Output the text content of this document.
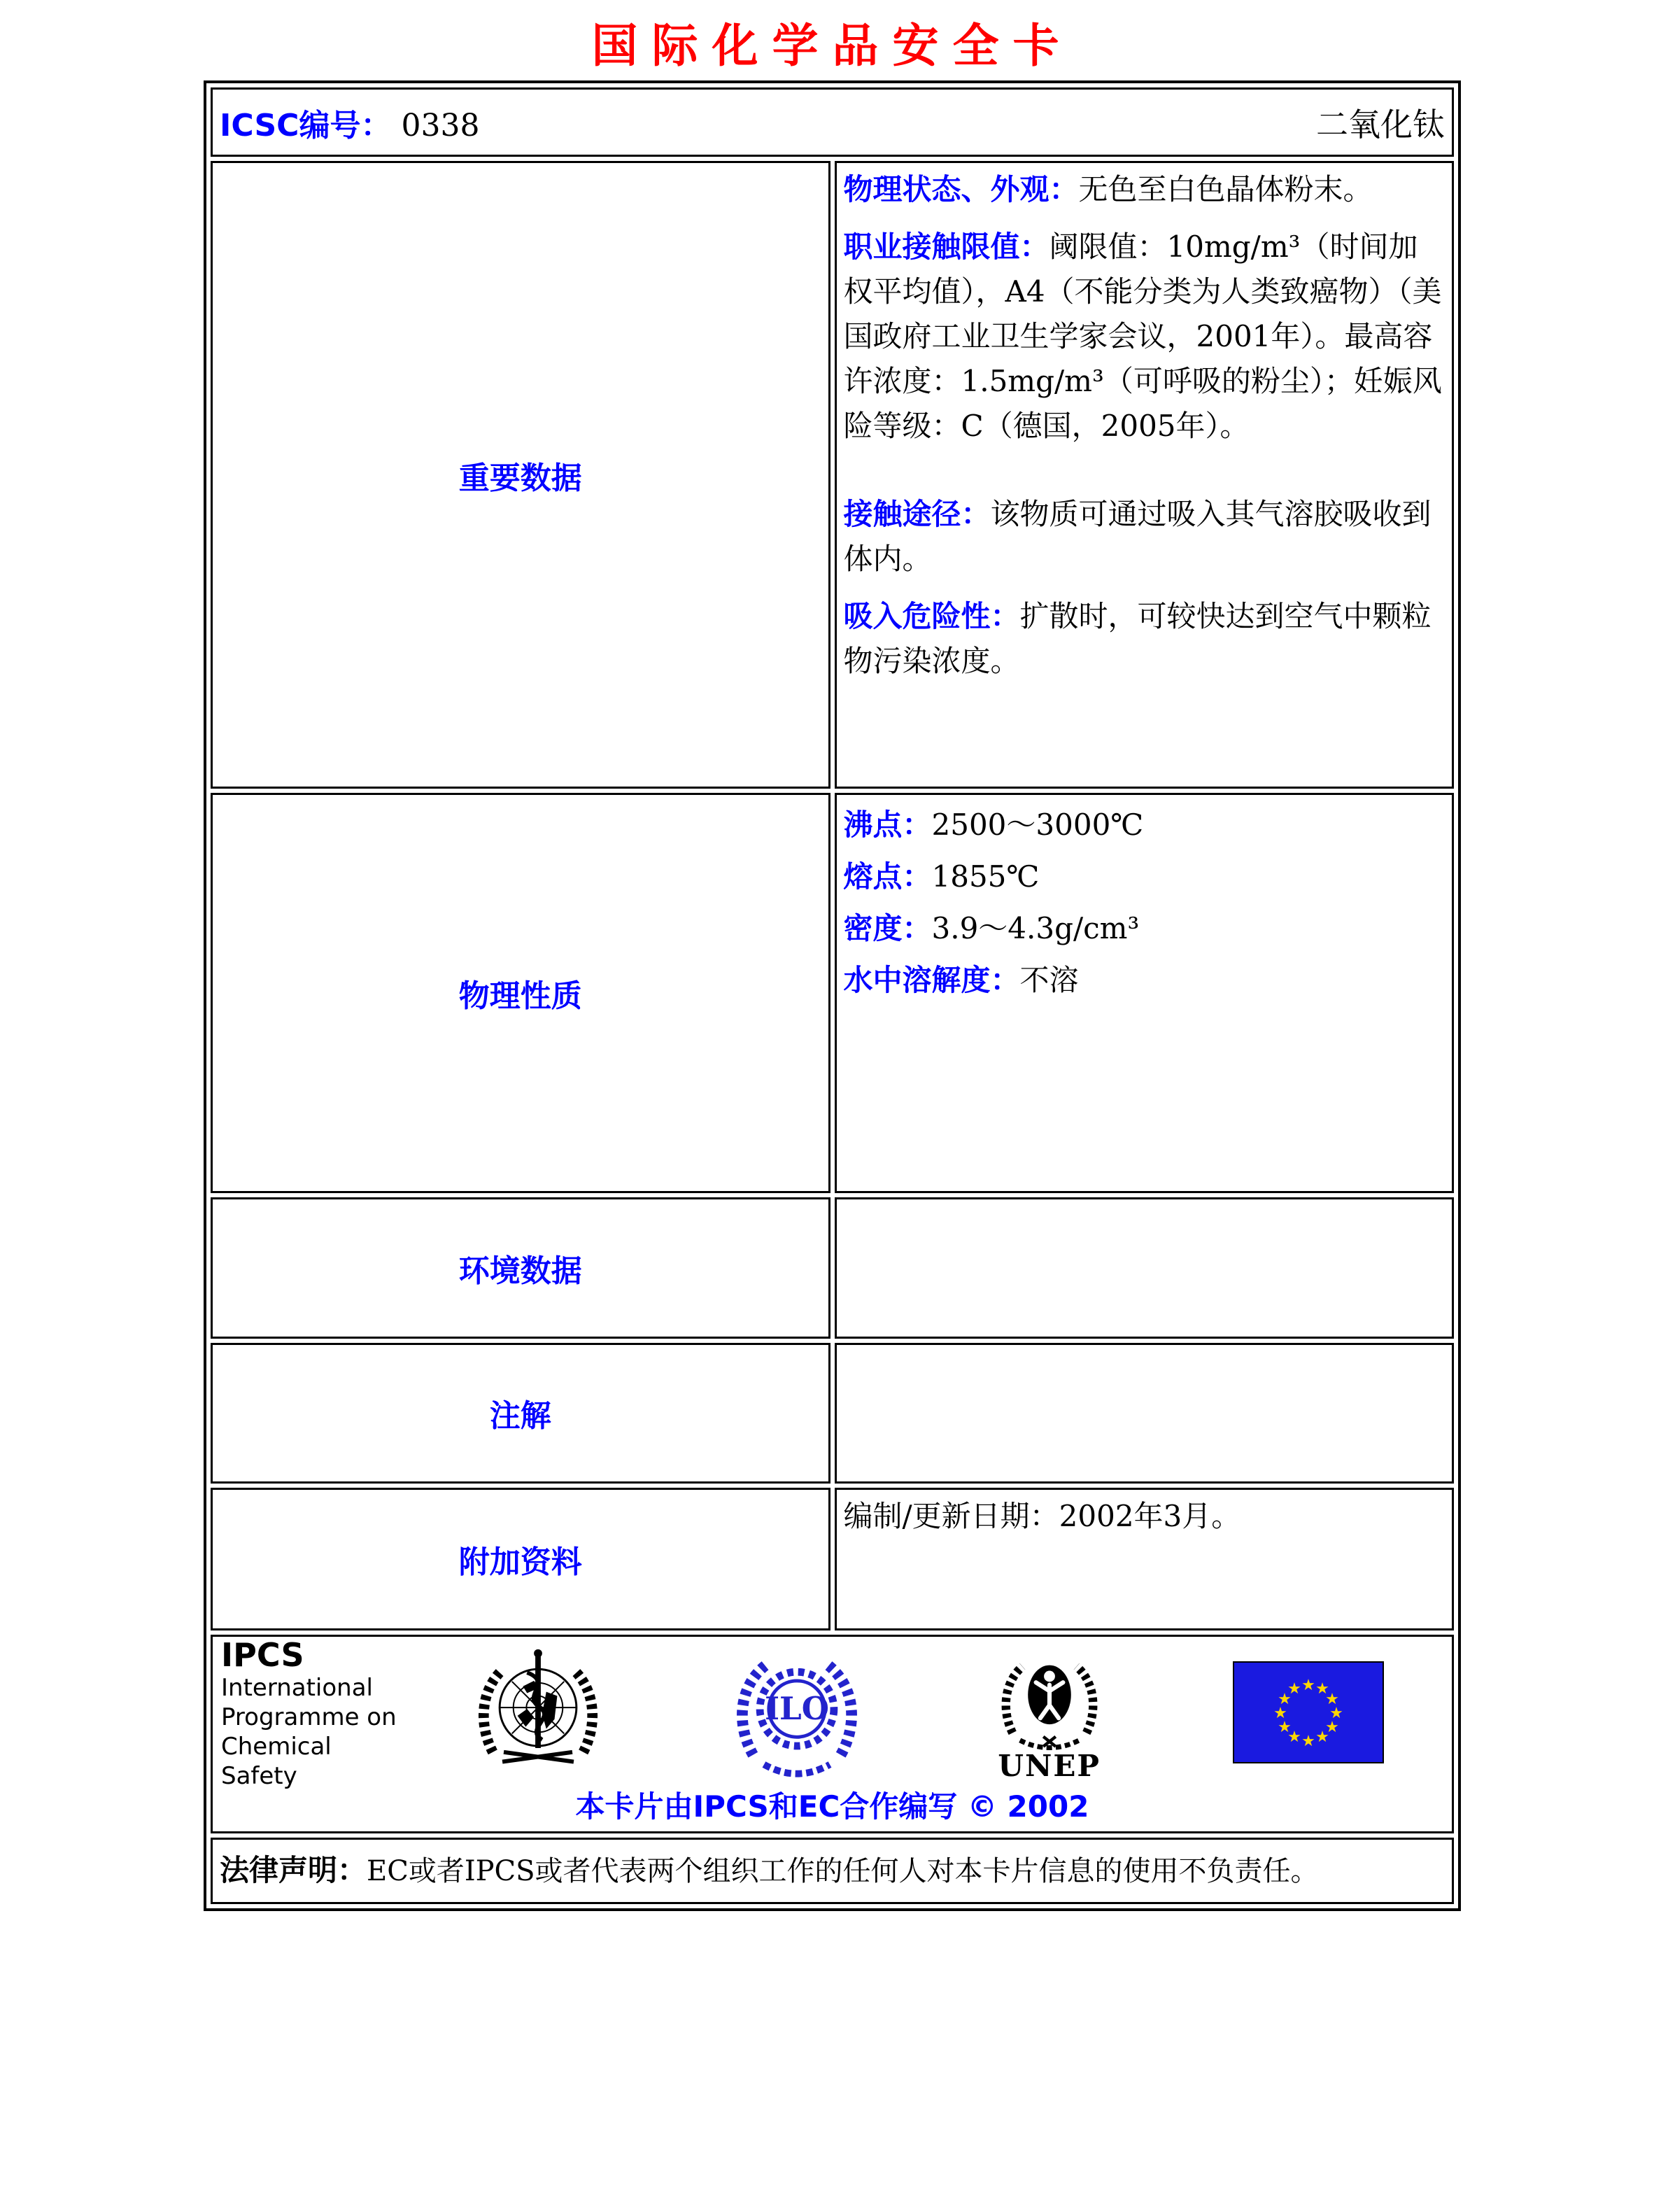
国际化学品安全卡
ICSC编号： 0338 二氧化钛	

重要数据	物理状态、外观：无色至白色晶体粉末。

职业接触限值：阈限值：10mg/m³（时间加权平均值），A4（不能分类为人类致癌物）（美国政府工业卫生学家会议，2001年）。最高容许浓度：1.5mg/m³（可呼吸的粉尘）；妊娠风险等级：C（德国，2005年）。

接触途径：该物质可通过吸入其气溶胶吸收到体内。

吸入危险性：扩散时，可较快达到空气中颗粒物污染浓度。

物理性质	沸点：2500～3000℃
熔点：1855℃
密度：3.9～4.3g/cm³
水中溶解度：不溶

环境数据	
注解	
附加资料	编制/更新日期：2002年3月。

IPCS
International
Programme on
Chemical Safety
ILO
UNEP
★ ★
★
★
★
★
★
★
★
★
★
★
本卡片由IPCS和EC合作编写 © 2002

法律声明：EC或者IPCS或者代表两个组织工作的任何人对本卡片信息的使用不负责任。	
